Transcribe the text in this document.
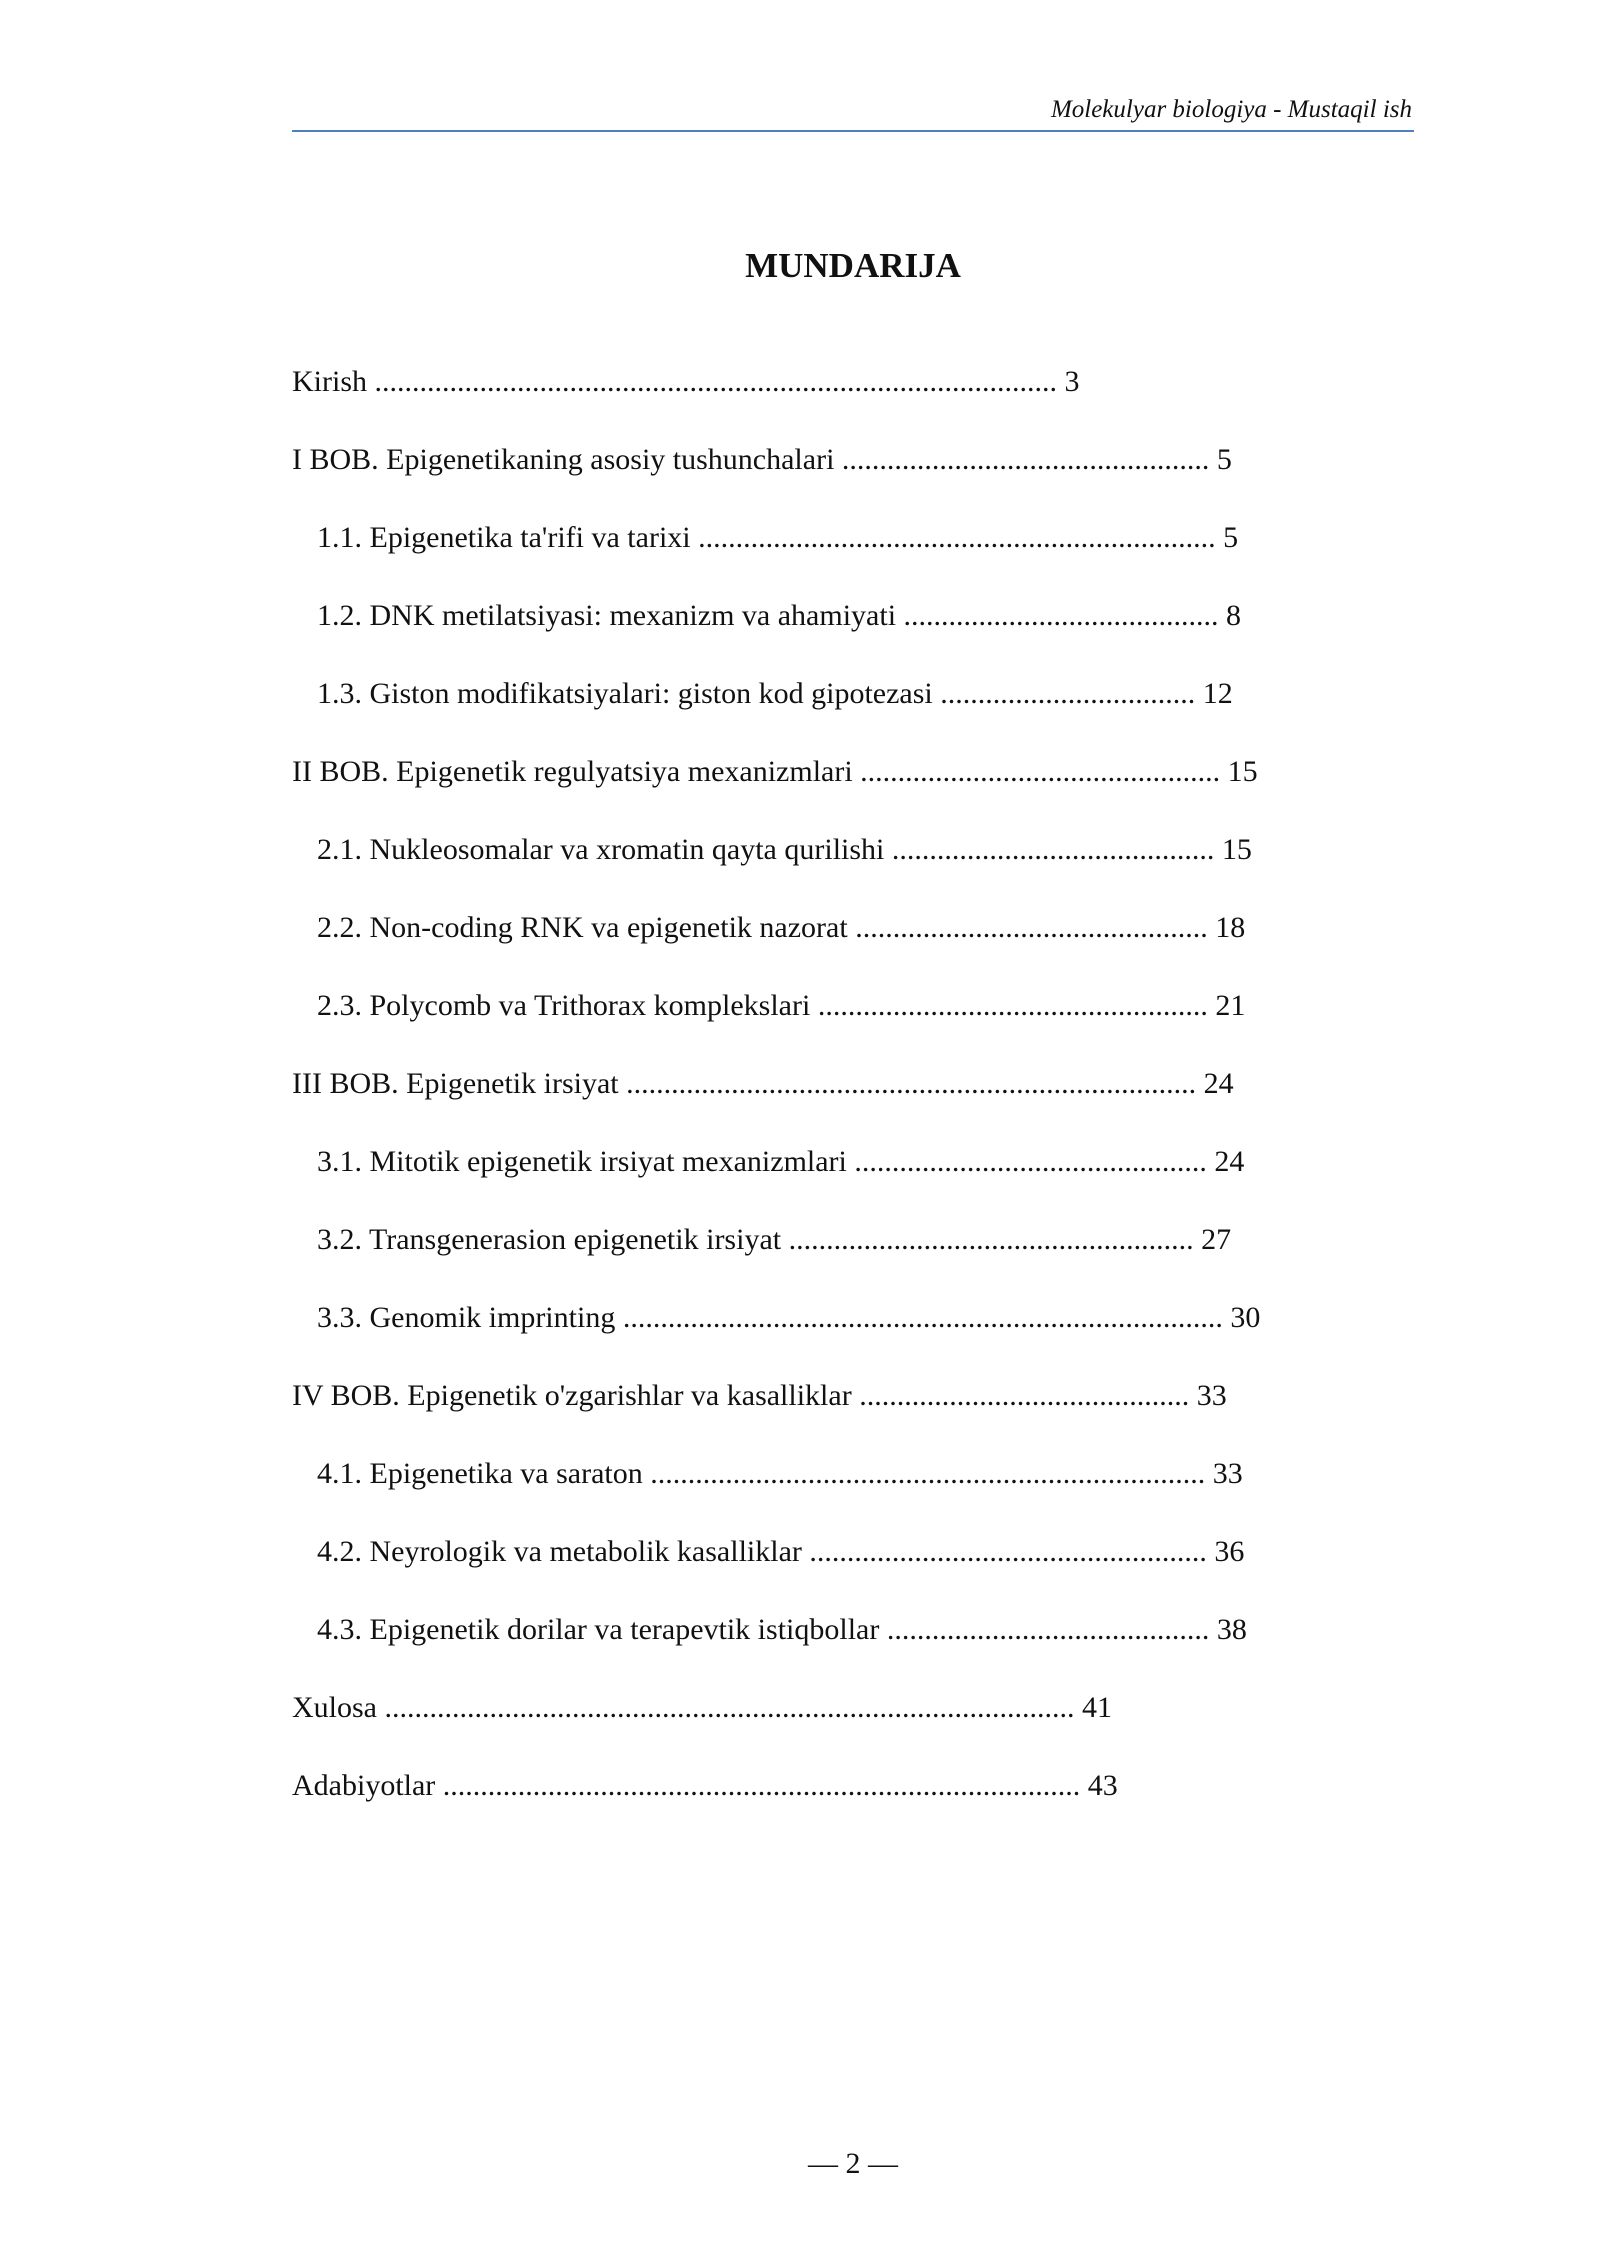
Molekulyar biologiya - Mustaqil ish
MUNDARIJA
Kirish ........................................................................................... 3
I BOB. Epigenetikaning asosiy tushunchalari ................................................. 5
1.1. Epigenetika ta'rifi va tarixi ..................................................................... 5
1.2. DNK metilatsiyasi: mexanizm va ahamiyati .......................................... 8
1.3. Giston modifikatsiyalari: giston kod gipotezasi .................................. 12
II BOB. Epigenetik regulyatsiya mexanizmlari ................................................ 15
2.1. Nukleosomalar va xromatin qayta qurilishi ........................................... 15
2.2. Non-coding RNK va epigenetik nazorat ............................................... 18
2.3. Polycomb va Trithorax komplekslari .................................................... 21
III BOB. Epigenetik irsiyat ............................................................................ 24
3.1. Mitotik epigenetik irsiyat mexanizmlari ............................................... 24
3.2. Transgenerasion epigenetik irsiyat ...................................................... 27
3.3. Genomik imprinting ................................................................................ 30
IV BOB. Epigenetik o'zgarishlar va kasalliklar ............................................ 33
4.1. Epigenetika va saraton .......................................................................... 33
4.2. Neyrologik va metabolik kasalliklar ..................................................... 36
4.3. Epigenetik dorilar va terapevtik istiqbollar ........................................... 38
Xulosa ............................................................................................ 41
Adabiyotlar ..................................................................................... 43
— 2 —
